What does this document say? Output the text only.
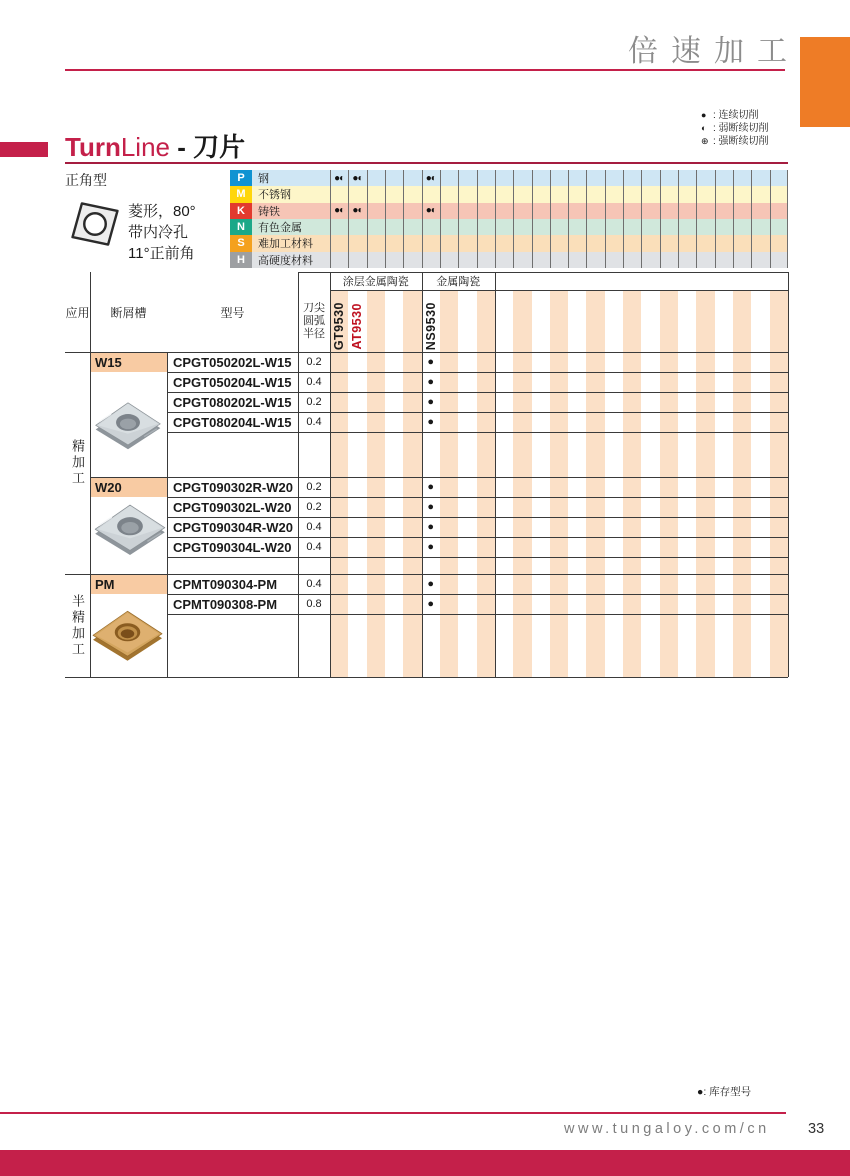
倍速加工
● : 连续切削
◐ : 弱断续切削
⊕ : 强断续切削
TurnLine - 刀片
正角型
菱形，80°
带内冷孔
11°正前角
P	钢	●◐ ●◐	●◐
M	不锈钢
K	铸铁	●◐ ●◐	●◐
N	有色金属
S	难加工材料
H	高硬度材料
应用	断屑槽	型号	刀尖
圆弧
半径
涂层金属陶瓷	金属陶瓷
GT9530 AT9530	NS9530
精加工
W15	CPGT050202L-W15	0.2	●
CPGT050204L-W15	0.4	●
CPGT080202L-W15	0.2	●
CPGT080204L-W15	0.4	●
W20	CPGT090302R-W20	0.2	●
CPGT090302L-W20	0.2	●
CPGT090304R-W20	0.4	●
CPGT090304L-W20	0.4	●
半精加工
PM	CPMT090304-PM	0.4	●
CPMT090308-PM	0.8	●
●: 库存型号
www.tungaloy.com/cn	33
